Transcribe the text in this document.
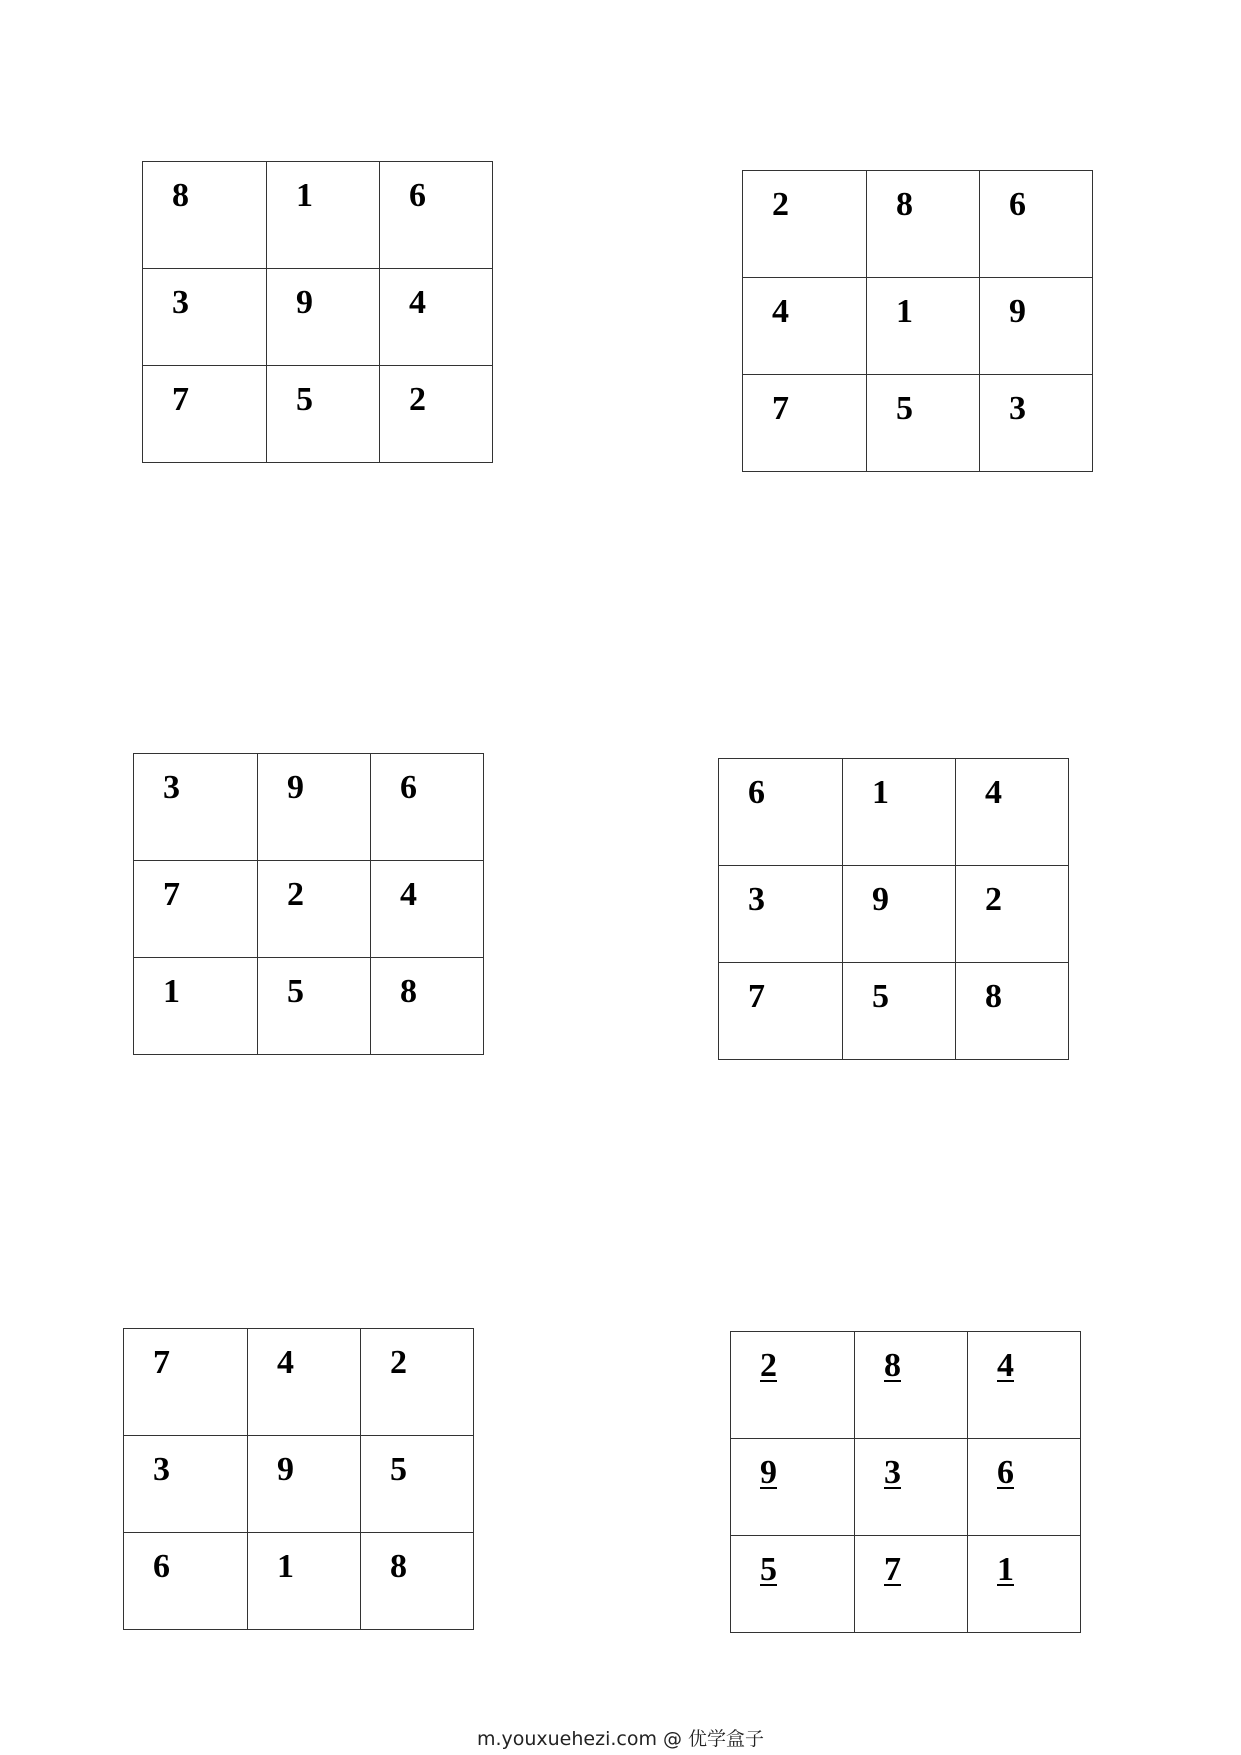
8	1	6
3	9	4
7	5	2
2	8	6
4	1	9
7	5	3
3	9	6
7	2	4
1	5	8
6	1	4
3	9	2
7	5	8
7	4	2
3	9	5
6	1	8
2	8	4
9	3	6
5	7	1
m.youxuehezi.com @ 优学盒子
